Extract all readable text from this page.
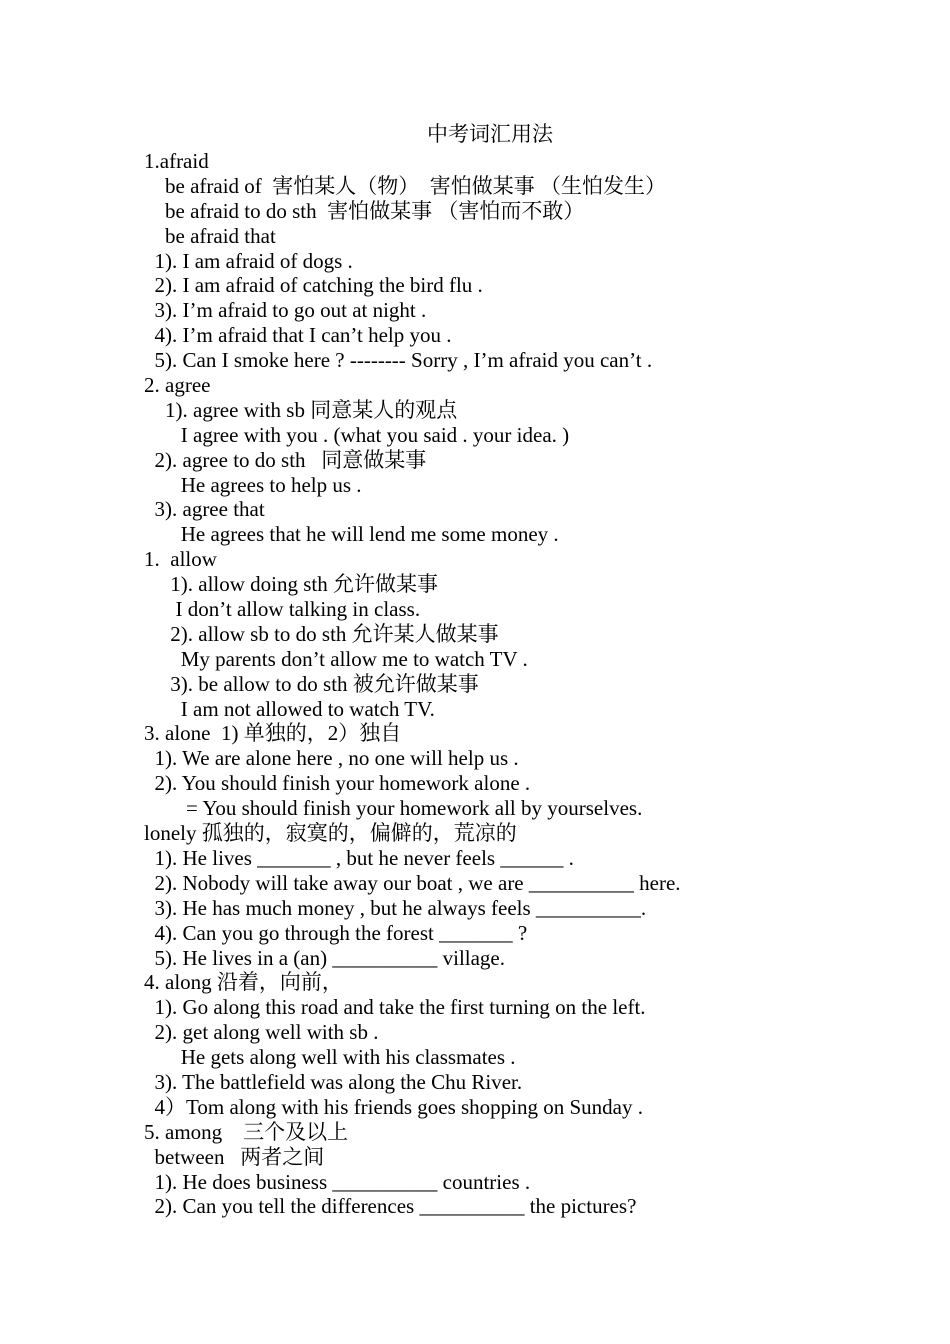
中考词汇用法
1.afraid
be afraid of  害怕某人（物）  害怕做某事 （生怕发生）
be afraid to do sth  害怕做某事 （害怕而不敢）
be afraid that
1). I am afraid of dogs .
2). I am afraid of catching the bird flu .
3). I’m afraid to go out at night .
4). I’m afraid that I can’t help you .
5). Can I smoke here ? -------- Sorry , I’m afraid you can’t .
2. agree
1). agree with sb 同意某人的观点
I agree with you . (what you said . your idea. )
2). agree to do sth   同意做某事
He agrees to help us .
3). agree that
He agrees that he will lend me some money .
1.  allow
1). allow doing sth 允许做某事
I don’t allow talking in class.
2). allow sb to do sth 允许某人做某事
My parents don’t allow me to watch TV .
3). be allow to do sth 被允许做某事
I am not allowed to watch TV.
3. alone  1) 单独的，2）独自
1). We are alone here , no one will help us .
2). You should finish your homework alone .
= You should finish your homework all by yourselves.
lonely 孤独的，寂寞的，偏僻的，荒凉的
1). He lives _______ , but he never feels ______ .
2). Nobody will take away our boat , we are __________ here.
3). He has much money , but he always feels __________.
4). Can you go through the forest _______ ?
5). He lives in a (an) __________ village.
4. along 沿着，向前，
1). Go along this road and take the first turning on the left.
2). get along well with sb .
He gets along well with his classmates .
3). The battlefield was along the Chu River.
4）Tom along with his friends goes shopping on Sunday .
5. among    三个及以上
between   两者之间
1). He does business __________ countries .
2). Can you tell the differences __________ the pictures?
